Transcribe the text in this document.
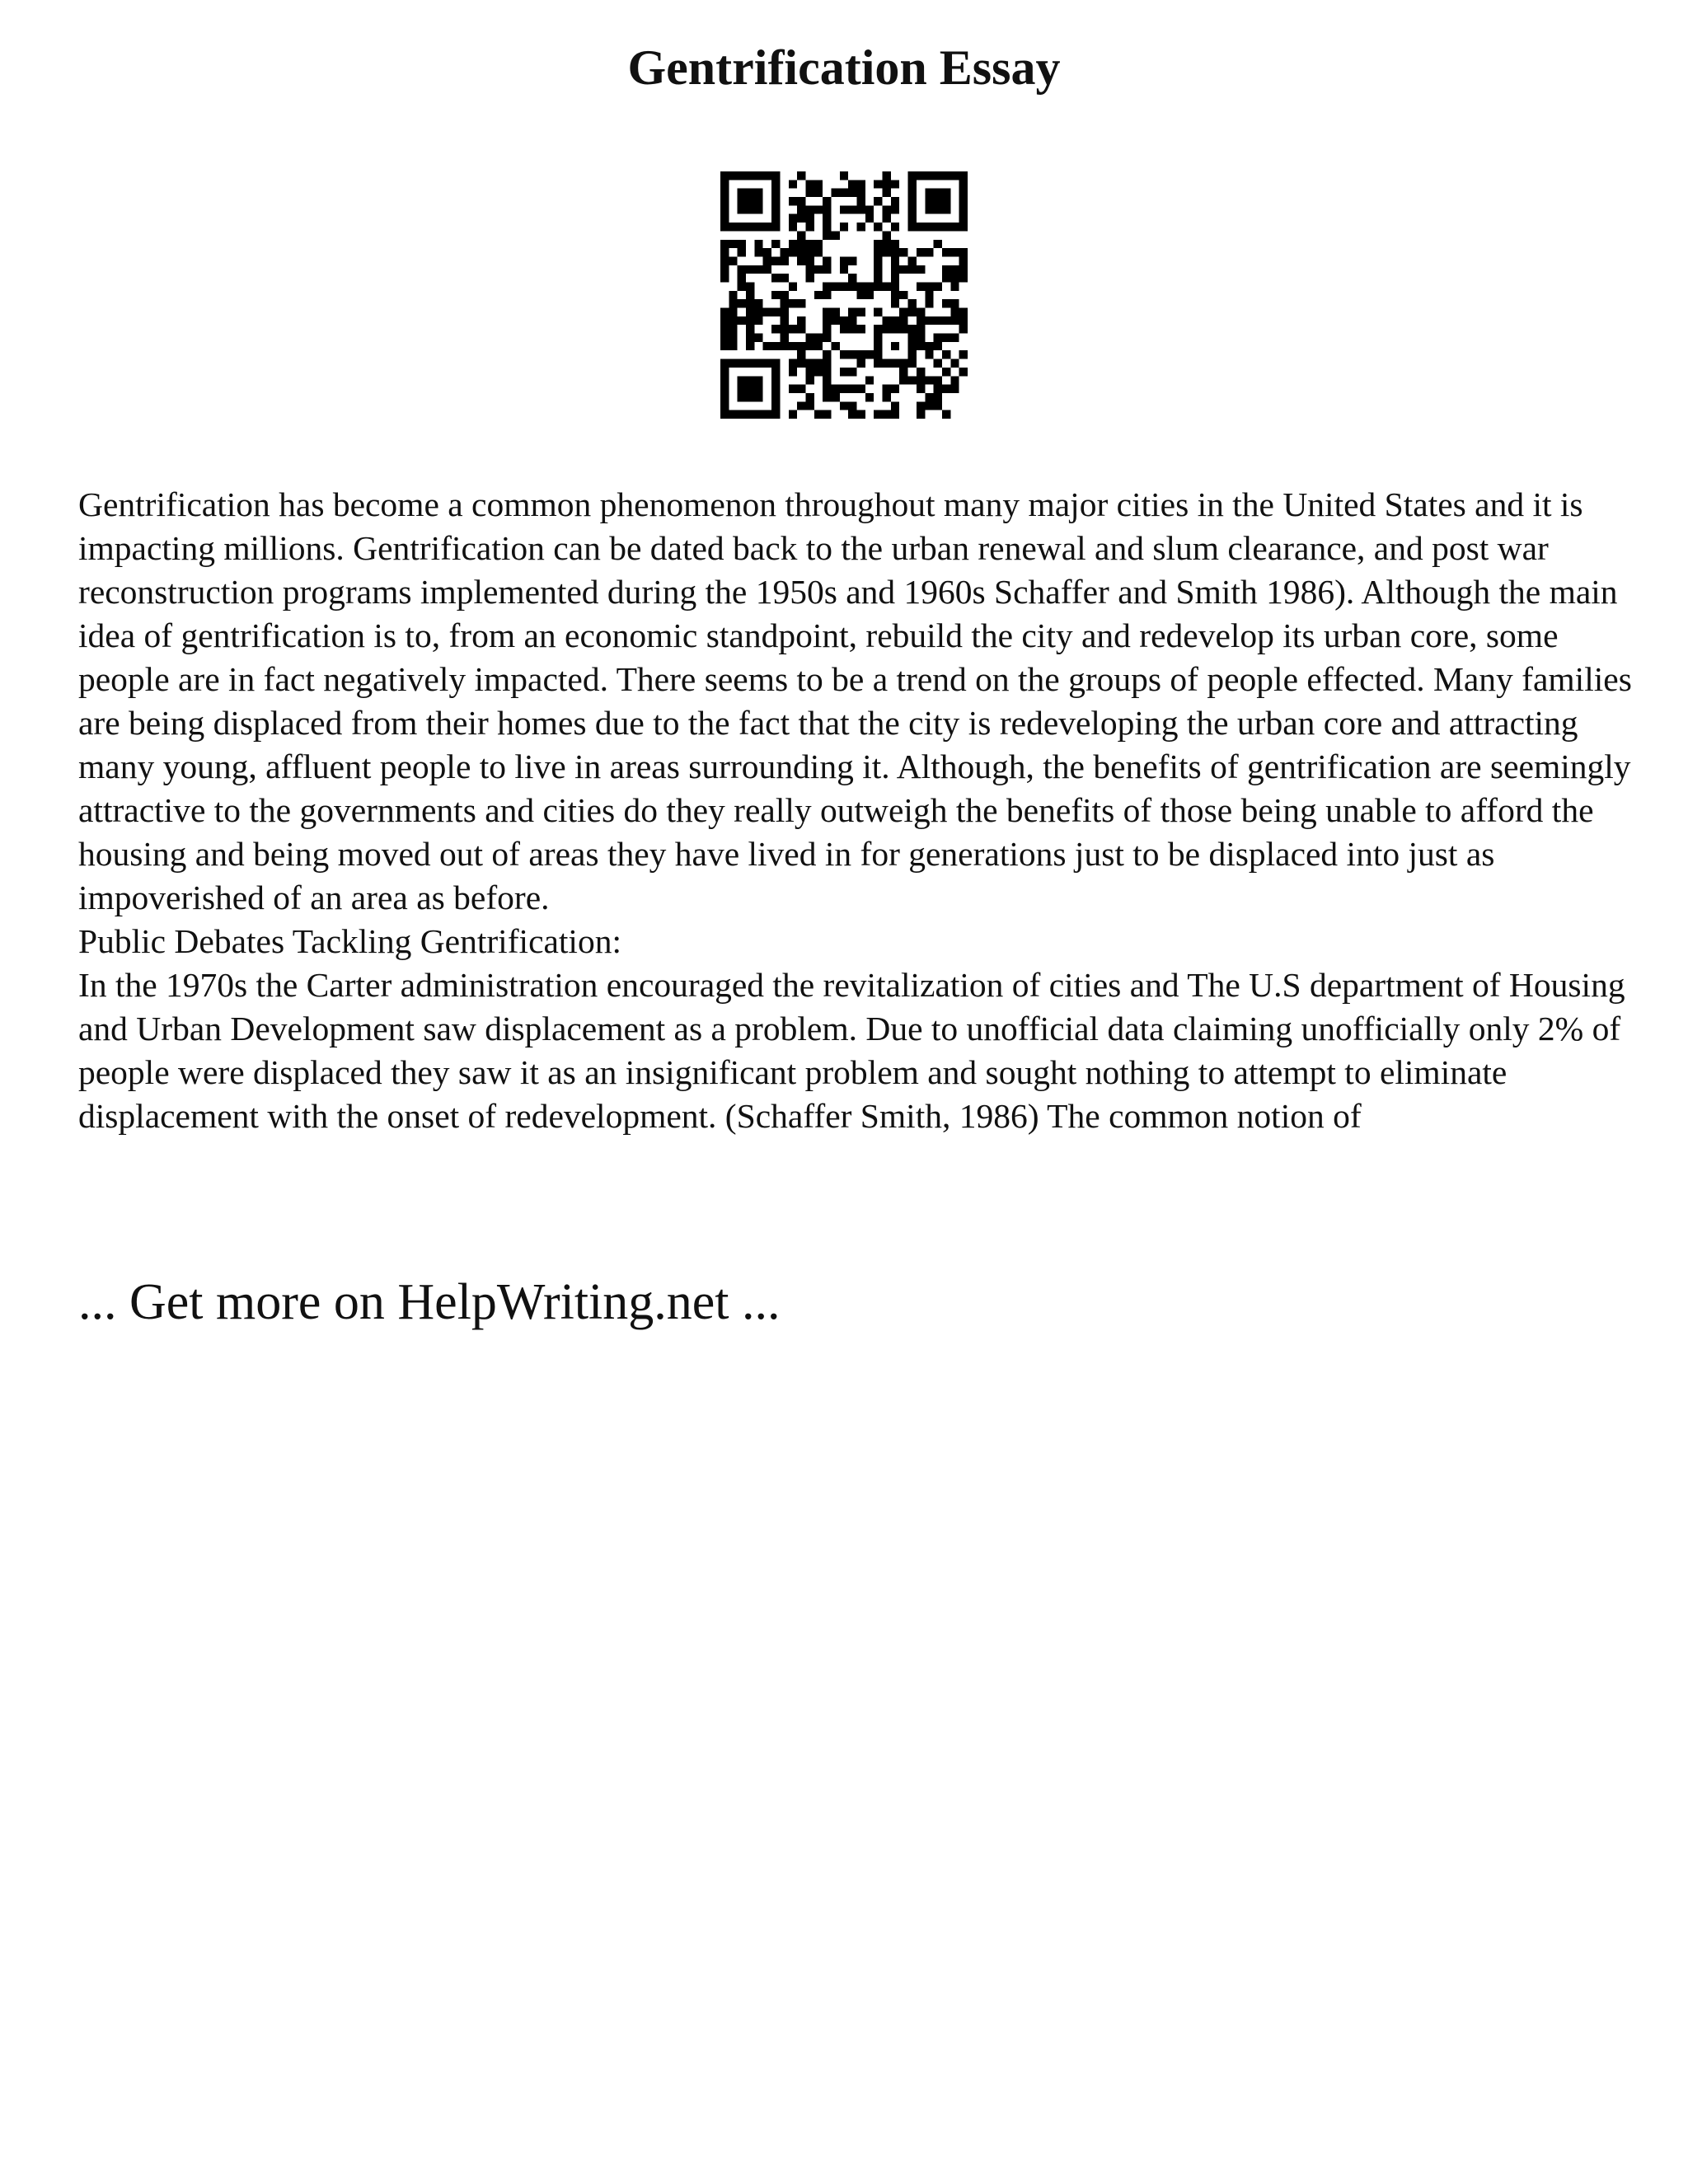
Gentrification Essay

Gentrification has become a common phenomenon throughout many major cities in the United States and it is impacting millions. Gentrification can be dated back to the urban renewal and slum clearance, and post war reconstruction programs implemented during the 1950s and 1960s Schaffer and Smith 1986). Although the main idea of gentrification is to, from an economic standpoint, rebuild the city and redevelop its urban core, some people are in fact negatively impacted. There seems to be a trend on the groups of people effected. Many families are being displaced from their homes due to the fact that the city is redeveloping the urban core and attracting many young, affluent people to live in areas surrounding it. Although, the benefits of gentrification are seemingly attractive to the governments and cities do they really outweigh the benefits of those being unable to afford the housing and being moved out of areas they have lived in for generations just to be displaced into just as impoverished of an area as before.

Public Debates Tackling Gentrification:

In the 1970s the Carter administration encouraged the revitalization of cities and The U.S department of Housing and Urban Development saw displacement as a problem. Due to unofficial data claiming unofficially only 2% of people were displaced they saw it as an insignificant problem and sought nothing to attempt to eliminate displacement with the onset of redevelopment. (Schaffer Smith, 1986) The common notion of

... Get more on HelpWriting.net ...
